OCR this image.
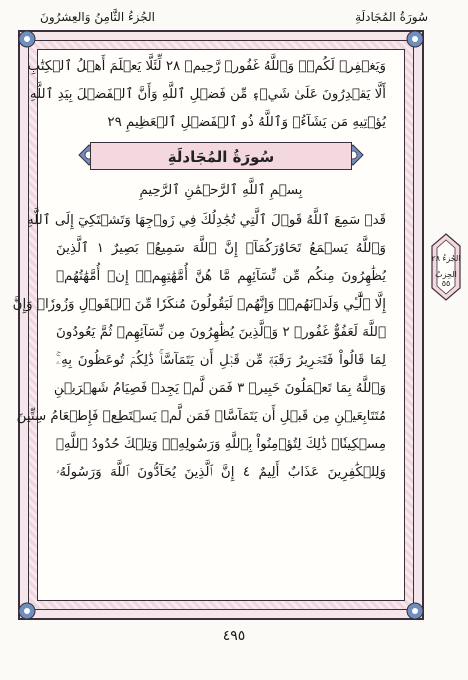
الجُزءُ الثَّامِنُ وَالعِشرُونَ	سُورَةُ المُجَادلَةِ
وَيَغۡفِرۡ لَكُمۡۚ وَٱللَّهُ غَفُورٞ رَّحِيمٞ ٢٨ لِّئَلَّا يَعۡلَمَ أَهۡلُ ٱلۡكِتَٰبِ
أَلَّا يَقۡدِرُونَ عَلَىٰ شَيۡءٖ مِّن فَضۡلِ ٱللَّهِ وَأَنَّ ٱلۡفَضۡلَ بِيَدِ ٱللَّهِ
يُؤۡتِيهِ مَن يَشَآءُۚ وَٱللَّهُ ذُو ٱلۡفَضۡلِ ٱلۡعَظِيمِ ٢٩
سُورَةُ المُجَادلَةِ
بِسۡمِ ٱللَّهِ ٱلرَّحۡمَٰنِ ٱلرَّحِيمِ
قَدۡ سَمِعَ ٱللَّهُ قَوۡلَ ٱلَّتِي تُجَٰدِلُكَ فِي زَوۡجِهَا وَتَشۡتَكِيٓ إِلَى ٱللَّهِ
وَٱللَّهُ يَسۡمَعُ تَحَاوُرَكُمَآۚ إِنَّ ٱللَّهَ سَمِيعُۢ بَصِيرٌ ١ ٱلَّذِينَ
يُظَٰهِرُونَ مِنكُم مِّن نِّسَآئِهِم مَّا هُنَّ أُمَّهَٰتِهِمۡۖ إِنۡ أُمَّهَٰتُهُمۡ
إِلَّا ٱلَّٰٓـِٔي وَلَدۡنَهُمۡۚ وَإِنَّهُمۡ لَيَقُولُونَ مُنكَرٗا مِّنَ ٱلۡقَوۡلِ وَزُورٗاۚ وَإِنَّ
ٱللَّهَ لَعَفُوٌّ غَفُورٞ ٢ وَٱلَّذِينَ يُظَٰهِرُونَ مِن نِّسَآئِهِمۡ ثُمَّ يَعُودُونَ
لِمَا قَالُواْ فَتَحۡرِيرُ رَقَبَةٖ مِّن قَبۡلِ أَن يَتَمَآسَّاۚ ذَٰلِكُمۡ تُوعَظُونَ بِهِۦۚ
وَٱللَّهُ بِمَا تَعۡمَلُونَ خَبِيرٞ ٣ فَمَن لَّمۡ يَجِدۡ فَصِيَامُ شَهۡرَيۡنِ
مُتَتَابِعَيۡنِ مِن قَبۡلِ أَن يَتَمَآسَّاۖ فَمَن لَّمۡ يَسۡتَطِعۡ فَإِطۡعَامُ سِتِّينَ
مِسۡكِينٗاۚ ذَٰلِكَ لِتُؤۡمِنُواْ بِٱللَّهِ وَرَسُولِهِۦۚ وَتِلۡكَ حُدُودُ ٱللَّهِۗ
وَلِلۡكَٰفِرِينَ عَذَابٌ أَلِيمٌ ٤ إِنَّ ٱلَّذِينَ يُحَآدُّونَ ٱللَّهَ وَرَسُولَهُۥ
الجُزءُ ٢٨
الحِزبُ ٥٥
٤٩٥
